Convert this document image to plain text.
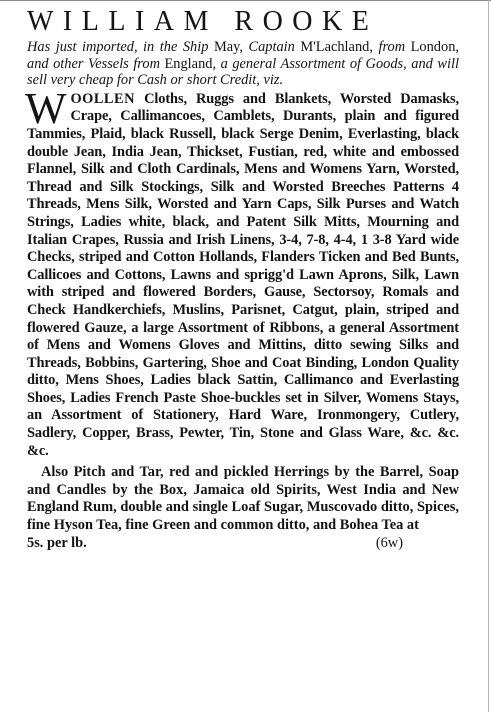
WILLIAM ROOKE

Has just imported, in the Ship May, Captain M'Lachland, from London, and other Vessels from England, a general Assortment of Goods, and will sell very cheap for Cash or short Credit, viz.

W OOLLEN Cloths, Ruggs and Blankets, Worsted Damasks, Crape, Callimancoes, Camblets, Durants, plain and figured Tammies, Plaid, black Russell, black Serge Denim, Everlasting, black double Jean, India Jean, Thickset, Fustian, red, white and embossed Flannel, Silk and Cloth Cardinals, Mens and Womens Yarn, Worsted, Thread and Silk Stockings, Silk and Worsted Breeches Patterns 4 Threads, Mens Silk, Worsted and Yarn Caps, Silk Purses and Watch Strings, Ladies white, black, and Patent Silk Mitts, Mourning and Italian Crapes, Russia and Irish Linens, 3-4, 7-8, 4-4, 1 3-8 Yard wide Checks, striped and Cotton Hollands, Flanders Ticken and Bed Bunts, Callicoes and Cottons, Lawns and sprigg'd Lawn Aprons, Silk, Lawn with striped and flowered Borders, Gause, Sectorsoy, Romals and Check Handkerchiefs, Muslins, Parisnet, Catgut, plain, striped and flowered Gauze, a large Assortment of Ribbons, a general Assortment of Mens and Womens Gloves and Mittins, ditto sewing Silks and Threads, Bobbins, Gartering, Shoe and Coat Binding, London Quality ditto, Mens Shoes, Ladies black Sattin, Callimanco and Everlasting Shoes, Ladies French Paste Shoe-buckles set in Silver, Womens Stays, an Assortment of Stationery, Hard Ware, Ironmongery, Cutlery, Sadlery, Copper, Brass, Pewter, Tin, Stone and Glass Ware, &c. &c. &c.

Also Pitch and Tar, red and pickled Herrings by the Barrel, Soap and Candles by the Box, Jamaica old Spirits, West India and New England Rum, double and single Loaf Sugar, Muscovado ditto, Spices, fine Hyson Tea, fine Green and common ditto, and Bohea Tea at

5s. per lb.	(6w)
